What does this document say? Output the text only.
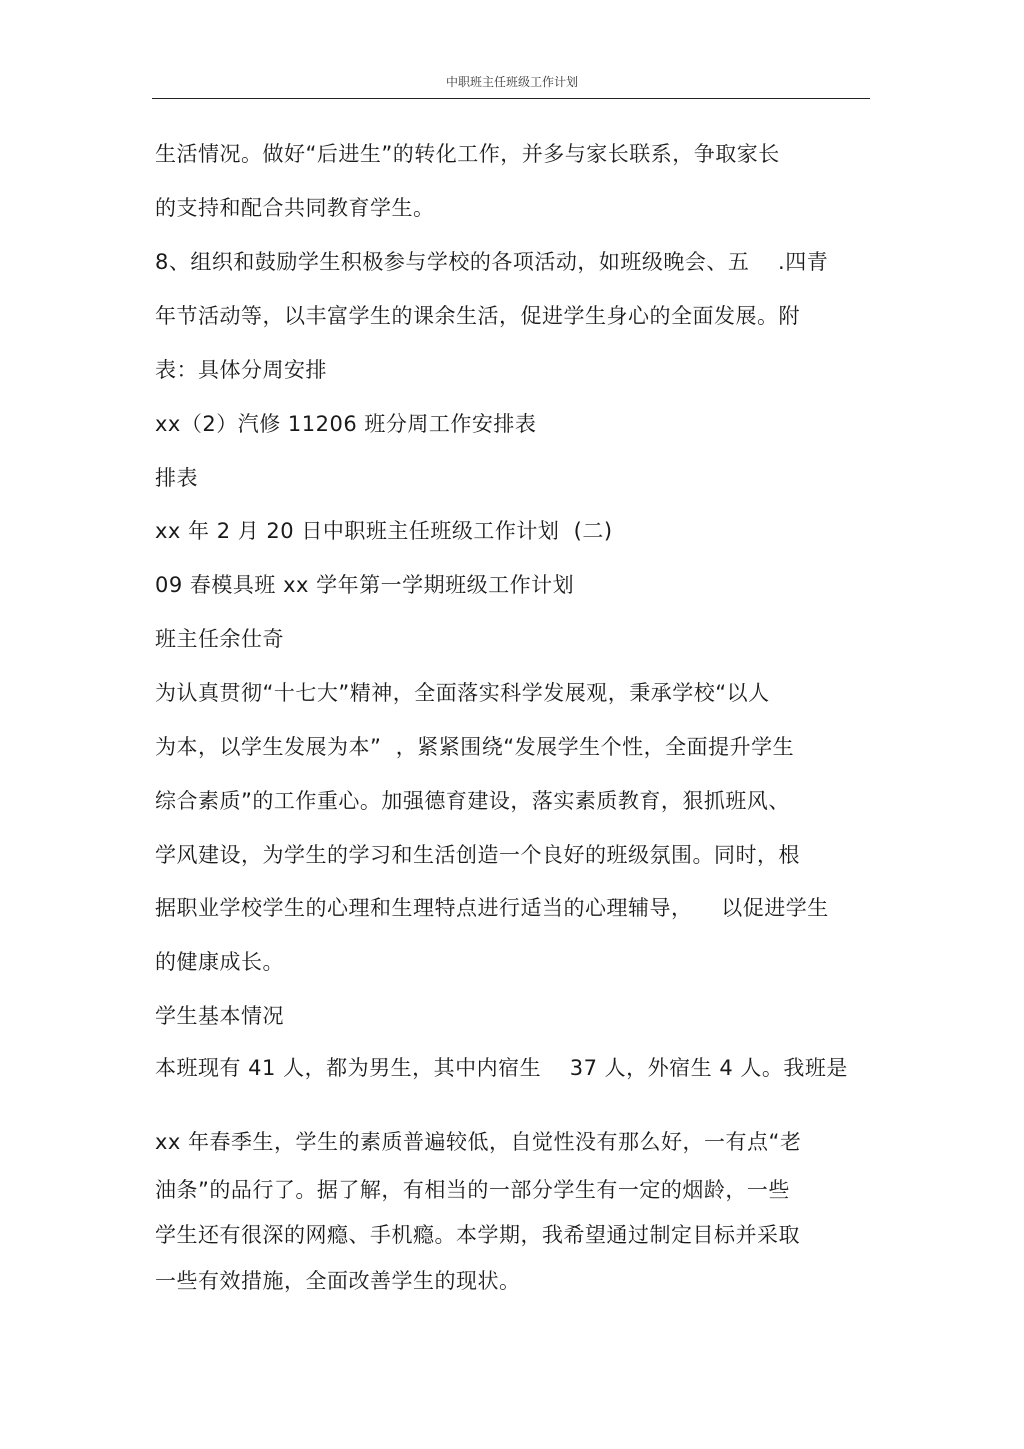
中职班主任班级工作计划
生活情况。做好“后进生”的转化工作，并多与家长联系，争取家长
的支持和配合共同教育学生。
8、组织和鼓励学生积极参与学校的各项活动，如班级晚会、五    .四青
年节活动等，以丰富学生的课余生活，促进学生身心的全面发展。附
表：具体分周安排
xx（2）汽修 11206 班分周工作安排表
排表
xx 年 2 月 20 日中职班主任班级工作计划  (二)
09 春模具班 xx 学年第一学期班级工作计划
班主任余仕奇
为认真贯彻“十七大”精神，全面落实科学发展观，秉承学校“以人
为本，以学生发展为本”  ，紧紧围绕“发展学生个性，全面提升学生
综合素质”的工作重心。加强德育建设，落实素质教育，狠抓班风、
学风建设，为学生的学习和生活创造一个良好的班级氛围。同时，根
据职业学校学生的心理和生理特点进行适当的心理辅导，    以促进学生
的健康成长。
学生基本情况
本班现有 41 人，都为男生，其中内宿生    37 人，外宿生 4 人。我班是
xx 年春季生，学生的素质普遍较低，自觉性没有那么好，一有点“老
油条”的品行了。据了解，有相当的一部分学生有一定的烟龄，一些
学生还有很深的网瘾、手机瘾。本学期，我希望通过制定目标并采取
一些有效措施，全面改善学生的现状。
